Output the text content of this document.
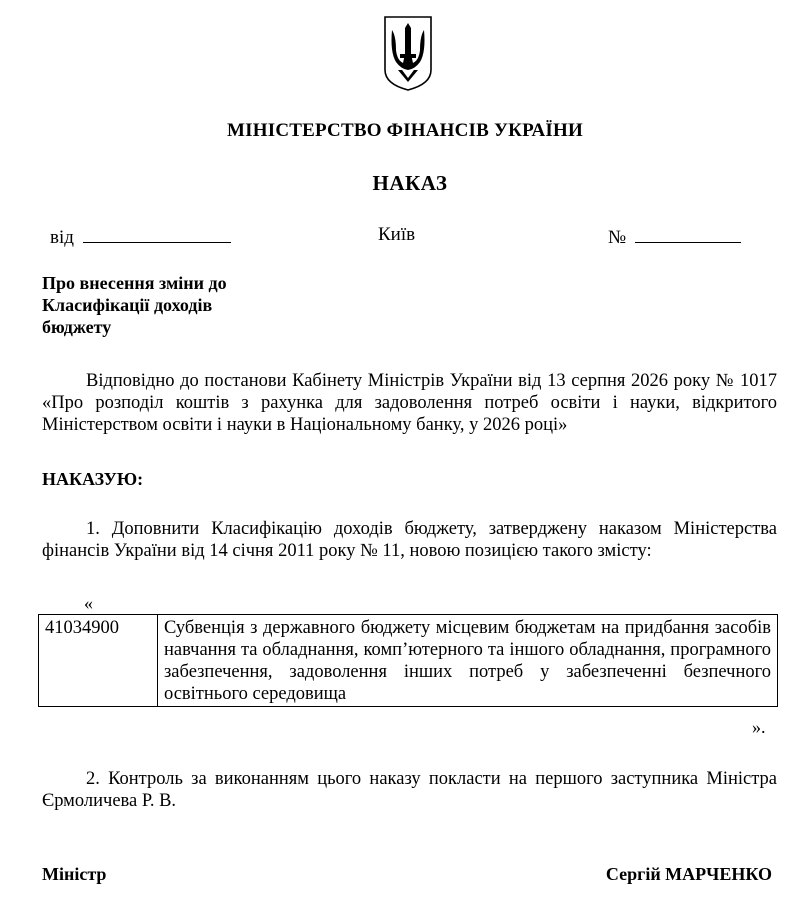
МІНІСТЕРСТВО ФІНАНСІВ УКРАЇНИ
НАКАЗ
від	Київ	№
Про внесення зміни до
Класифікації доходів
бюджету
Відповідно до постанови Кабінету Міністрів України від 13 серпня 2026 року № 1017 «Про розподіл коштів з рахунка для задоволення потреб освіти і науки, відкритого Міністерством освіти і науки в Національному банку, у 2026 році»
НАКАЗУЮ:
1. Доповнити Класифікацію доходів бюджету, затверджену наказом Міністерства фінансів України від 14 січня 2011 року № 11, новою позицією такого змісту:
«
41034900	Субвенція з державного бюджету місцевим бюджетам на придбання засобів навчання та обладнання, комп’ютерного та іншого обладнання, програмного забезпечення, задоволення інших потреб у забезпеченні безпечного освітнього середовища
».
2. Контроль за виконанням цього наказу покласти на першого заступника Міністра Єрмоличева Р. В.
Міністр	Сергій МАРЧЕНКО
